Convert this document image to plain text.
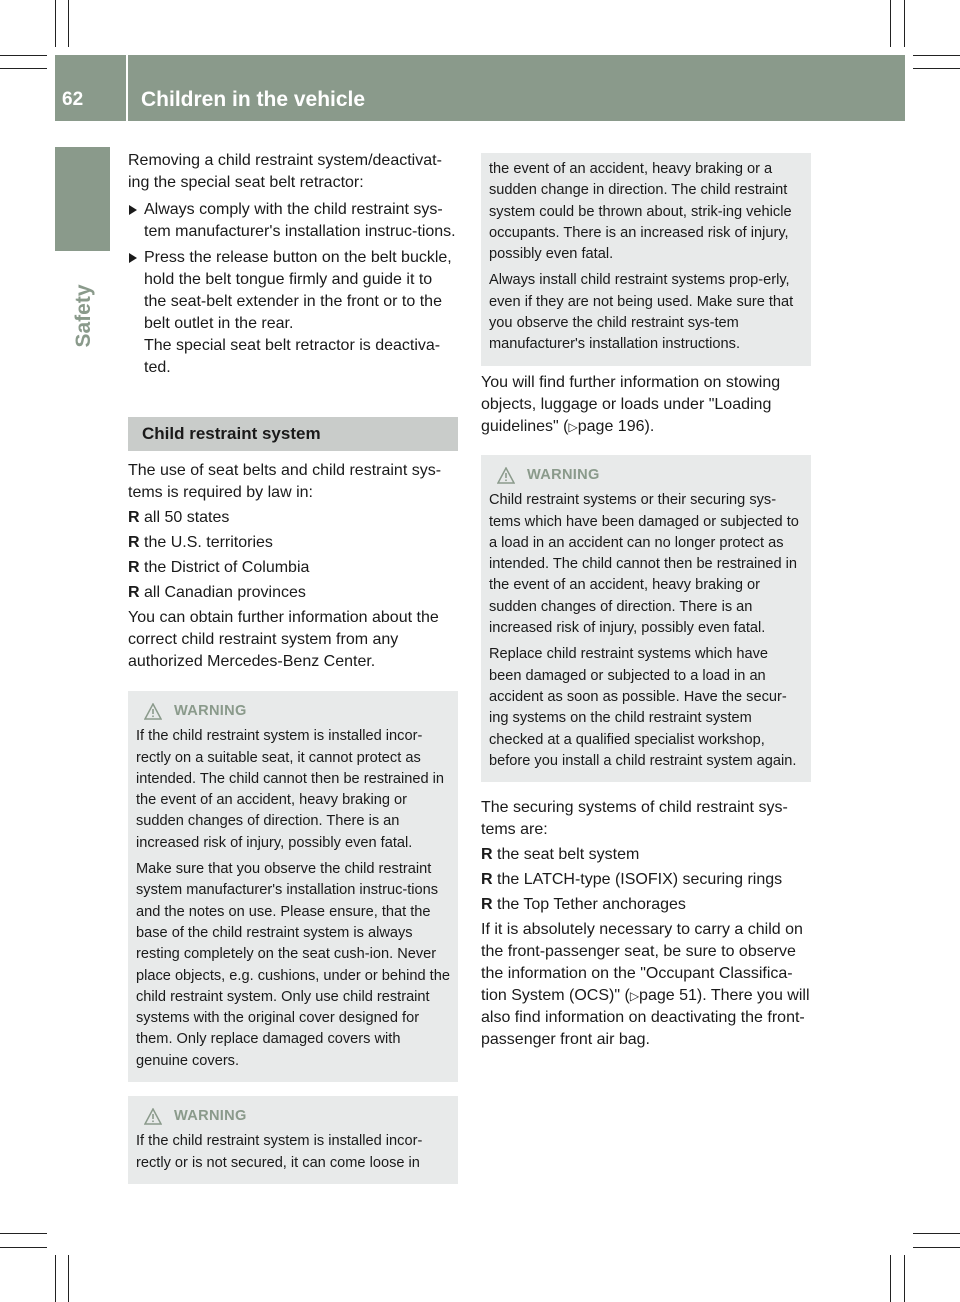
62	Children in the vehicle
Safety

Removing a child restraint system/deactivat-ing the special seat belt retractor:

Always comply with the child restraint sys-tem manufacturer's installation instruc-tions.
Press the release button on the belt buckle, hold the belt tongue firmly and guide it to the seat-belt extender in the front or to the belt outlet in the rear.
The special seat belt retractor is deactiva-ted.
Child restraint system

The use of seat belts and child restraint sys-tems is required by law in:

R all 50 states
R the U.S. territories
R the District of Columbia
R all Canadian provinces

You can obtain further information about the correct child restraint system from any authorized Mercedes-Benz Center.

WARNING

If the child restraint system is installed incor-rectly on a suitable seat, it cannot protect as intended. The child cannot then be restrained in the event of an accident, heavy braking or sudden changes of direction. There is an increased risk of injury, possibly even fatal.

Make sure that you observe the child restraint system manufacturer's installation instruc-tions and the notes on use. Please ensure, that the base of the child restraint system is always resting completely on the seat cush-ion. Never place objects, e.g. cushions, under or behind the child restraint system. Only use child restraint systems with the original cover designed for them. Only replace damaged covers with genuine covers.

WARNING

If the child restraint system is installed incor-rectly or is not secured, it can come loose in

the event of an accident, heavy braking or a sudden change in direction. The child restraint system could be thrown about, strik-ing vehicle occupants. There is an increased risk of injury, possibly even fatal.

Always install child restraint systems prop-erly, even if they are not being used. Make sure that you observe the child restraint sys-tem manufacturer's installation instructions.

You will find further information on stowing objects, luggage or loads under "Loading guidelines" (▷page 196).

WARNING

Child restraint systems or their securing sys-tems which have been damaged or subjected to a load in an accident can no longer protect as intended. The child cannot then be restrained in the event of an accident, heavy braking or sudden changes of direction. There is an increased risk of injury, possibly even fatal.

Replace child restraint systems which have been damaged or subjected to a load in an accident as soon as possible. Have the secur-ing systems on the child restraint system checked at a qualified specialist workshop, before you install a child restraint system again.

The securing systems of child restraint sys-tems are:

R the seat belt system
R the LATCH-type (ISOFIX) securing rings
R the Top Tether anchorages

If it is absolutely necessary to carry a child on the front-passenger seat, be sure to observe the information on the "Occupant Classifica-tion System (OCS)" (▷page 51). There you will also find information on deactivating the front-passenger front air bag.
